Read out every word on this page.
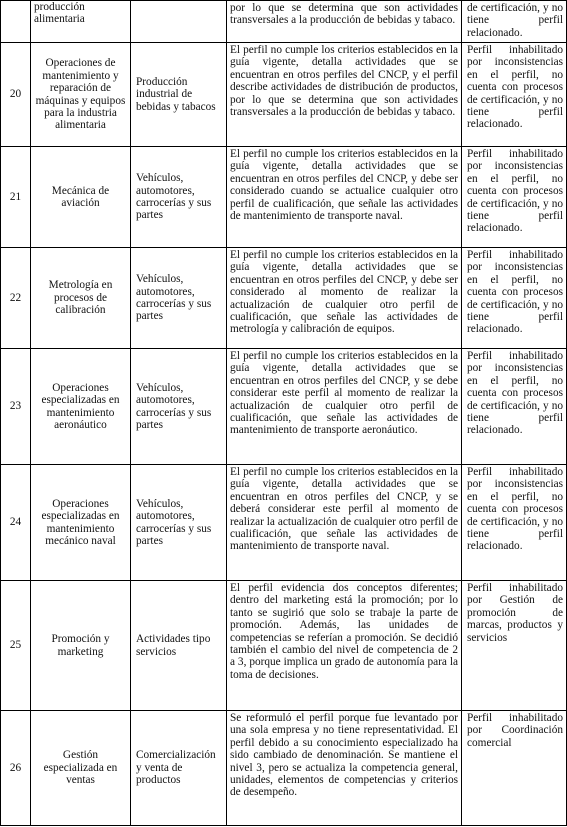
	producción alimentaria		por lo que se determina que son actividades transversales a la producción de bebidas y tabaco.	de certificación, y no tiene perfil relacionado.
20	Operaciones de mantenimiento y reparación de máquinas y equipos para la industria alimentaria	Producción industrial de bebidas y tabacos	El perfil no cumple los criterios establecidos en la guía vigente, detalla actividades que se encuentran en otros perfiles del CNCP, y el perfil describe actividades de distribución de productos, por lo que se determina que son actividades transversales a la producción de bebidas y tabaco.	Perfil inhabilitado por inconsistencias en el perfil, no cuenta con procesos de certificación, y no tiene perfil relacionado.
21	Mecánica de aviación	Vehículos, automotores, carrocerías y sus partes	El perfil no cumple los criterios establecidos en la guía vigente, detalla actividades que se encuentran en otros perfiles del CNCP, y debe ser considerado cuando se actualice cualquier otro perfil de cualificación, que señale las actividades de mantenimiento de transporte naval.	Perfil inhabilitado por inconsistencias en el perfil, no cuenta con procesos de certificación, y no tiene perfil relacionado.
22	Metrología en procesos de calibración	Vehículos, automotores, carrocerías y sus partes	El perfil no cumple los criterios establecidos en la guía vigente, detalla actividades que se encuentran en otros perfiles del CNCP, y debe ser considerado al momento de realizar la actualización de cualquier otro perfil de cualificación, que señale las actividades de metrología y calibración de equipos.	Perfil inhabilitado por inconsistencias en el perfil, no cuenta con procesos de certificación, y no tiene perfil relacionado.
23	Operaciones especializadas en mantenimiento aeronáutico	Vehículos, automotores, carrocerías y sus partes	El perfil no cumple los criterios establecidos en la guía vigente, detalla actividades que se encuentran en otros perfiles del CNCP, y se debe considerar este perfil al momento de realizar la actualización de cualquier otro perfil de cualificación, que señale las actividades de mantenimiento de transporte aeronáutico.	Perfil inhabilitado por inconsistencias en el perfil, no cuenta con procesos de certificación, y no tiene perfil relacionado.
24	Operaciones especializadas en mantenimiento mecánico naval	Vehículos, automotores, carrocerías y sus partes	El perfil no cumple los criterios establecidos en la guía vigente, detalla actividades que se encuentran en otros perfiles del CNCP, y se deberá considerar este perfil al momento de realizar la actualización de cualquier otro perfil de cualificación, que señale las actividades de mantenimiento de transporte naval.	Perfil inhabilitado por inconsistencias en el perfil, no cuenta con procesos de certificación, y no tiene perfil relacionado.
25	Promoción y marketing	Actividades tipo servicios	El perfil evidencia dos conceptos diferentes; dentro del marketing está la promoción; por lo tanto se sugirió que solo se trabaje la parte de promoción. Además, las unidades de competencias se referían a promoción. Se decidió también el cambio del nivel de competencia de 2 a 3, porque implica un grado de autonomía para la toma de decisiones.	Perfil inhabilitado por Gestión de promoción de marcas, productos y servicios
26	Gestión especializada en ventas	Comercialización y venta de productos	Se reformuló el perfil porque fue levantado por una sola empresa y no tiene representatividad. El perfil debido a su conocimiento especializado ha sido cambiado de denominación. Se mantiene el nivel 3, pero se actualiza la competencia general, unidades, elementos de competencias y criterios de desempeño.	Perfil inhabilitado por Coordinación comercial
